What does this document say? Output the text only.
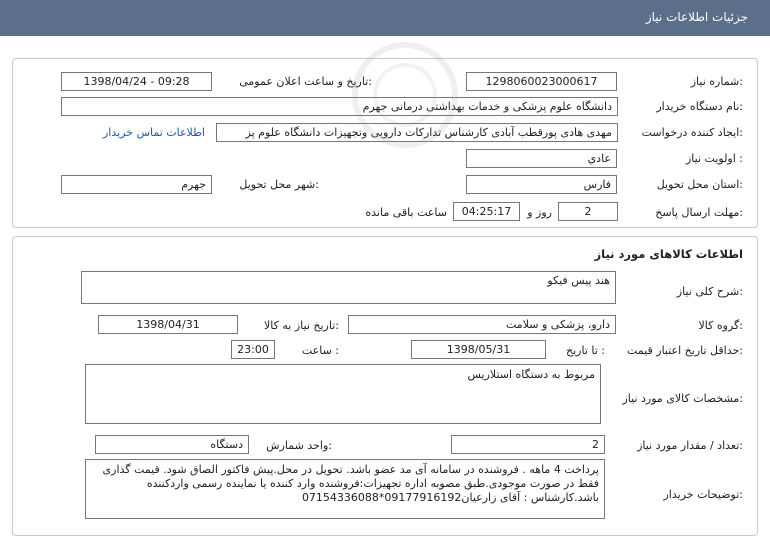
جزئیات اطلاعات نیاز
شماره نیاز:
1298060023000617
تاریخ و ساعت اعلان عمومی:
1398/04/24 - 09:28
نام دستگاه خریدار:
دانشگاه علوم پزشکی و خدمات بهداشتی درمانی جهرم
ایجاد کننده درخواست:
مهدی هادی پورقطب آبادی کارشناس تدارکات دارویی وتجهیزات دانشگاه علوم پز
اطلاعات تماس خریدار
اولویت نیاز :
عادي
استان محل تحویل:
فارس
شهر محل تحویل:
جهرم
مهلت ارسال پاسخ:
2
روز و
04:25:17
ساعت باقی مانده
اطلاعات کالاهای مورد نیاز
شرح کلی نیاز:
هند پیس فیکو
گروه کالا:
دارو، پزشکی و سلامت
تاریخ نیاز به کالا:
1398/04/31
حداقل تاریخ اعتبار قیمت:
تا تاریخ :
1398/05/31
ساعت :
23:00
مشخصات کالای مورد نیاز:
مربوط به دستگاه استلاریس
تعداد / مقدار مورد نیاز:
2
واحد شمارش:
دستگاه
توضیحات خریدار:
پرداخت 4 ماهه . فروشنده در سامانه آی مد عضو باشد. تحویل در محل.پیش فاکتور الصاق شود. قیمت گذاری فقط در صورت موجودی.طبق مصوبه اداره تجهیزات:فروشنده وارد کننده یا نماینده رسمی واردکننده باشد.کارشناس : آقای زارعیان09177916192*07154336088
